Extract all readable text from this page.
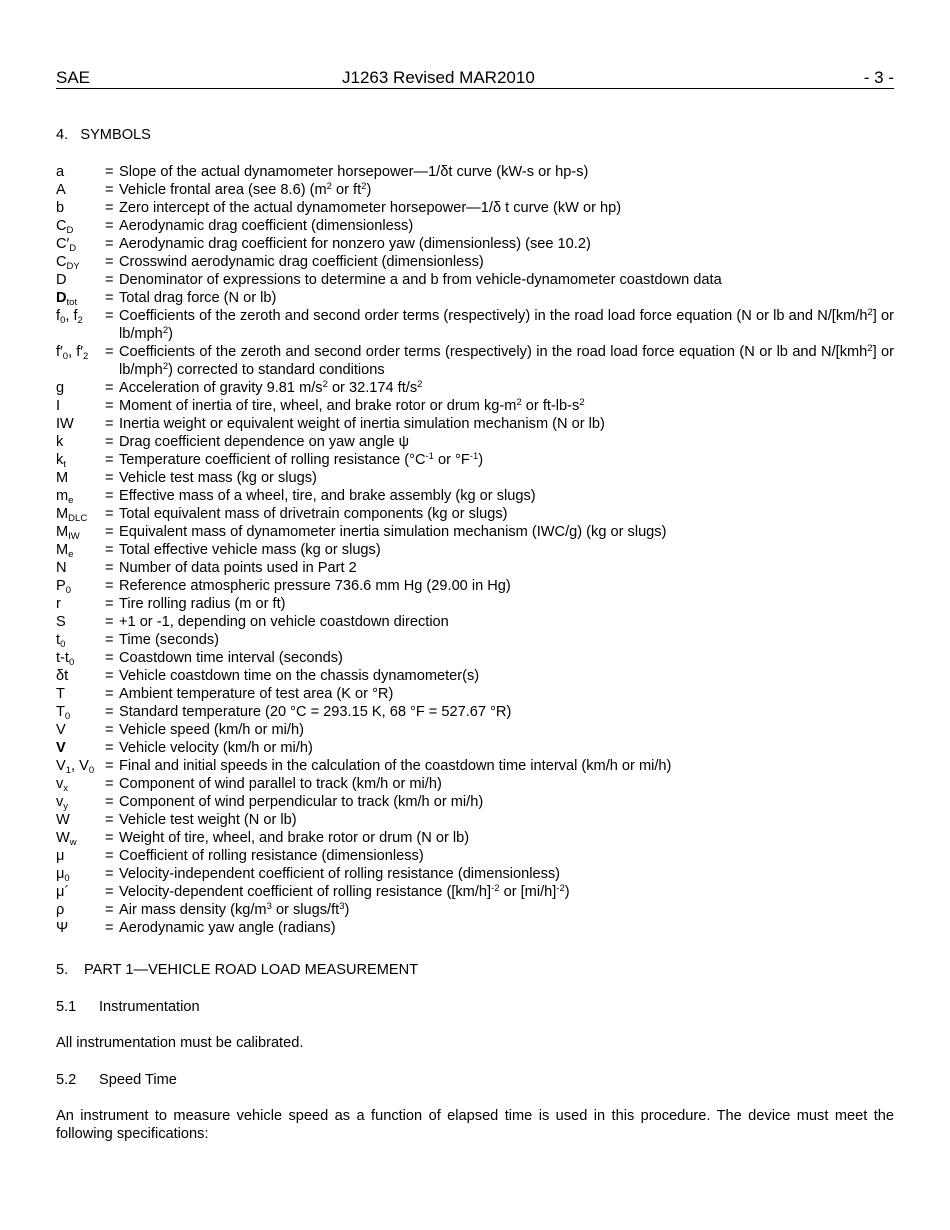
SAE	J1263 Revised MAR2010	- 3 -
4. SYMBOLS
a	= Slope of the actual dynamometer horsepower—1/δt curve (kW-s or hp-s)
A	= Vehicle frontal area (see 8.6) ($m^2$ or $ft^2$)
b	= Zero intercept of the actual dynamometer horsepower—1/δ t curve (kW or hp)
$C_D$	= Aerodynamic drag coefficient (dimensionless)
$C'_D$	= Aerodynamic drag coefficient for nonzero yaw (dimensionless) (see 10.2)
$C_{DY}$	= Crosswind aerodynamic drag coefficient (dimensionless)
D	= Denominator of expressions to determine a and b from vehicle-dynamometer coastdown data
$D_{tot}$	= Total drag force (N or lb)
$f_0$, $f_2$	= Coefficients of the zeroth and second order terms (respectively) in the road load force equation (N or lb and $N/[km/h^2]$ or lb/mph$^2$)
$f'_0$, $f'_2$	= Coefficients of the zeroth and second order terms (respectively) in the road load force equation (N or lb and N/[kmh$^2$] or lb/mph$^2$) corrected to standard conditions
g	= Acceleration of gravity 9.81 $m/s^2$ or 32.174 $ft/s^2$
I	= Moment of inertia of tire, wheel, and brake rotor or drum $kg-m^2$ or $ft-lb-s^2$
IW	= Inertia weight or equivalent weight of inertia simulation mechanism (N or lb)
k	= Drag coefficient dependence on yaw angle ψ
$k_t$	= Temperature coefficient of rolling resistance ($^\circ C^{-1}$ or $^\circ F^{-1}$)
M	= Vehicle test mass (kg or slugs)
$m_e$	= Effective mass of a wheel, tire, and brake assembly (kg or slugs)
$M_{DLC}$	= Total equivalent mass of drivetrain components (kg or slugs)
$M_{IW}$	= Equivalent mass of dynamometer inertia simulation mechanism (IWC/g) (kg or slugs)
$M_e$	= Total effective vehicle mass (kg or slugs)
N	= Number of data points used in Part 2
$P_0$	= Reference atmospheric pressure 736.6 mm Hg (29.00 in Hg)
r	= Tire rolling radius (m or ft)
S	= +1 or -1, depending on vehicle coastdown direction
$t_0$	= Time (seconds)
$t-t_0$	= Coastdown time interval (seconds)
δt	= Vehicle coastdown time on the chassis dynamometer(s)
T	= Ambient temperature of test area (K or °R)
$T_0$	= Standard temperature (20 °C = 293.15 K, 68 °F = 527.67 °R)
V	= Vehicle speed (km/h or mi/h)
V	= Vehicle velocity (km/h or mi/h)
$V_1$, $V_0$ = Final and initial speeds in the calculation of the coastdown time interval (km/h or mi/h)
$v_x$	= Component of wind parallel to track (km/h or mi/h)
$v_y$	= Component of wind perpendicular to track (km/h or mi/h)
W	= Vehicle test weight (N or lb)
$W_w$	= Weight of tire, wheel, and brake rotor or drum (N or lb)
μ	= Coefficient of rolling resistance (dimensionless)
$\mu_0$	= Velocity-independent coefficient of rolling resistance (dimensionless)
μ´	= Velocity-dependent coefficient of rolling resistance ($[km/h]^{-2}$ or $[mi/h]^{-2}$)
ρ	= Air mass density ($kg/m^3$ or slugs/$ft^3$)
Ψ	= Aerodynamic yaw angle (radians)
5. PART 1—VEHICLE ROAD LOAD MEASUREMENT
5.1 Instrumentation
All instrumentation must be calibrated.
5.2 Speed Time
An instrument to measure vehicle speed as a function of elapsed time is used in this procedure. The device must meet the following specifications:
